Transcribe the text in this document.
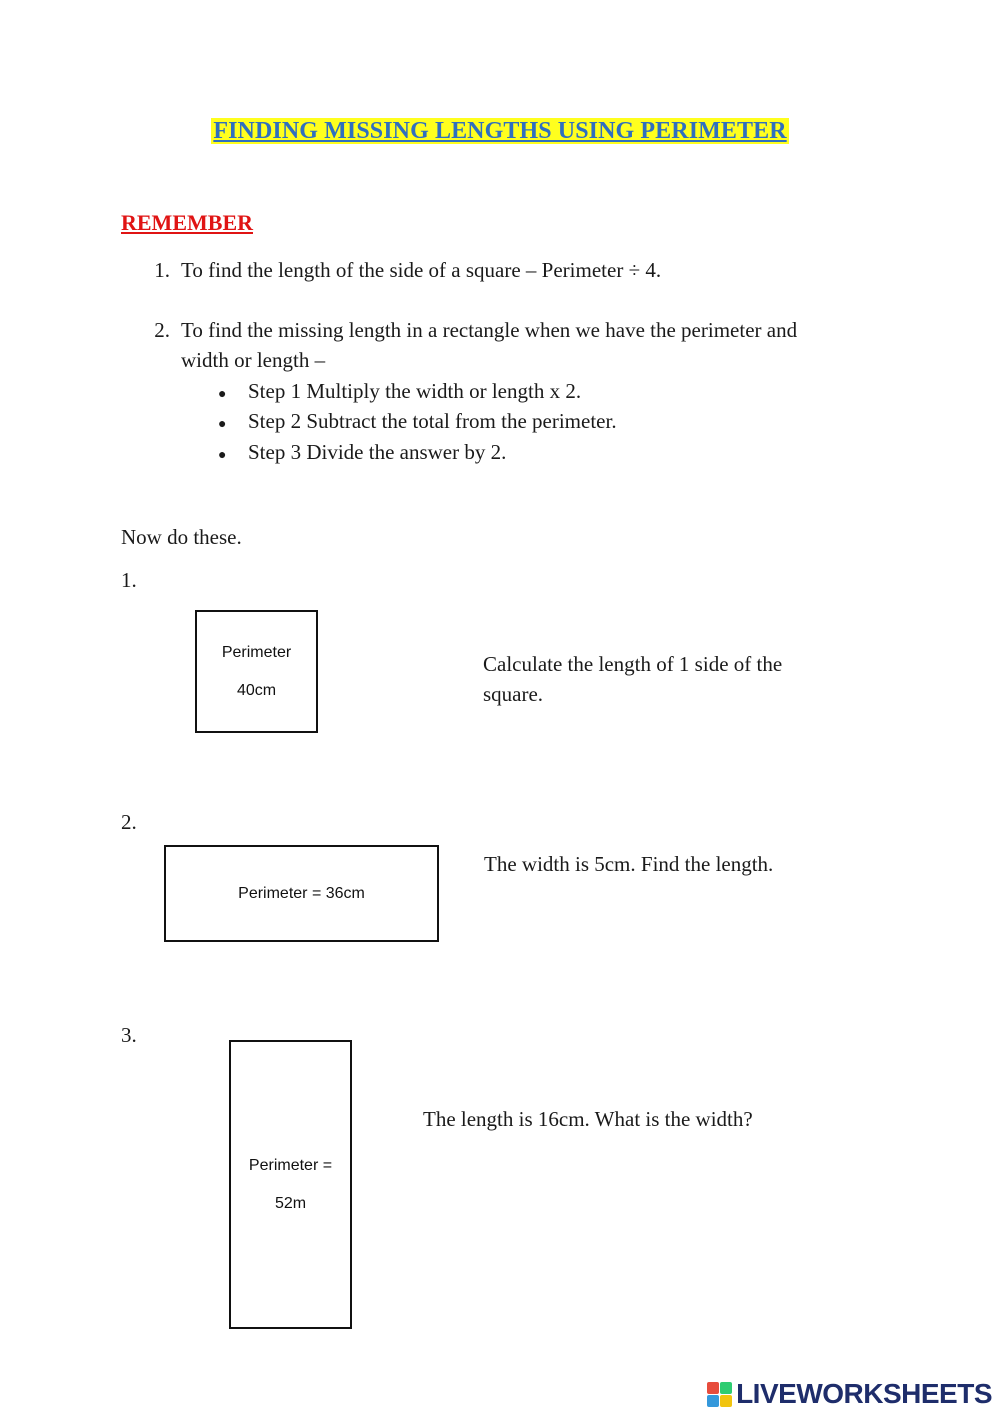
FINDING MISSING LENGTHS USING PERIMETER
REMEMBER
1. To find the length of the side of a square – Perimeter ÷ 4.
2. To find the missing length in a rectangle when we have the perimeter and
width or length –
● Step 1 Multiply the width or length x 2.
● Step 2 Subtract the total from the perimeter.
● Step 3 Divide the answer by 2.
Now do these.
1.
Perimeter
40cm
Calculate the length of 1 side of the
square.
2.
Perimeter = 36cm
The width is 5cm. Find the length.
3.
Perimeter =
52m
The length is 16cm. What is the width?
LIVEWORKSHEETS
